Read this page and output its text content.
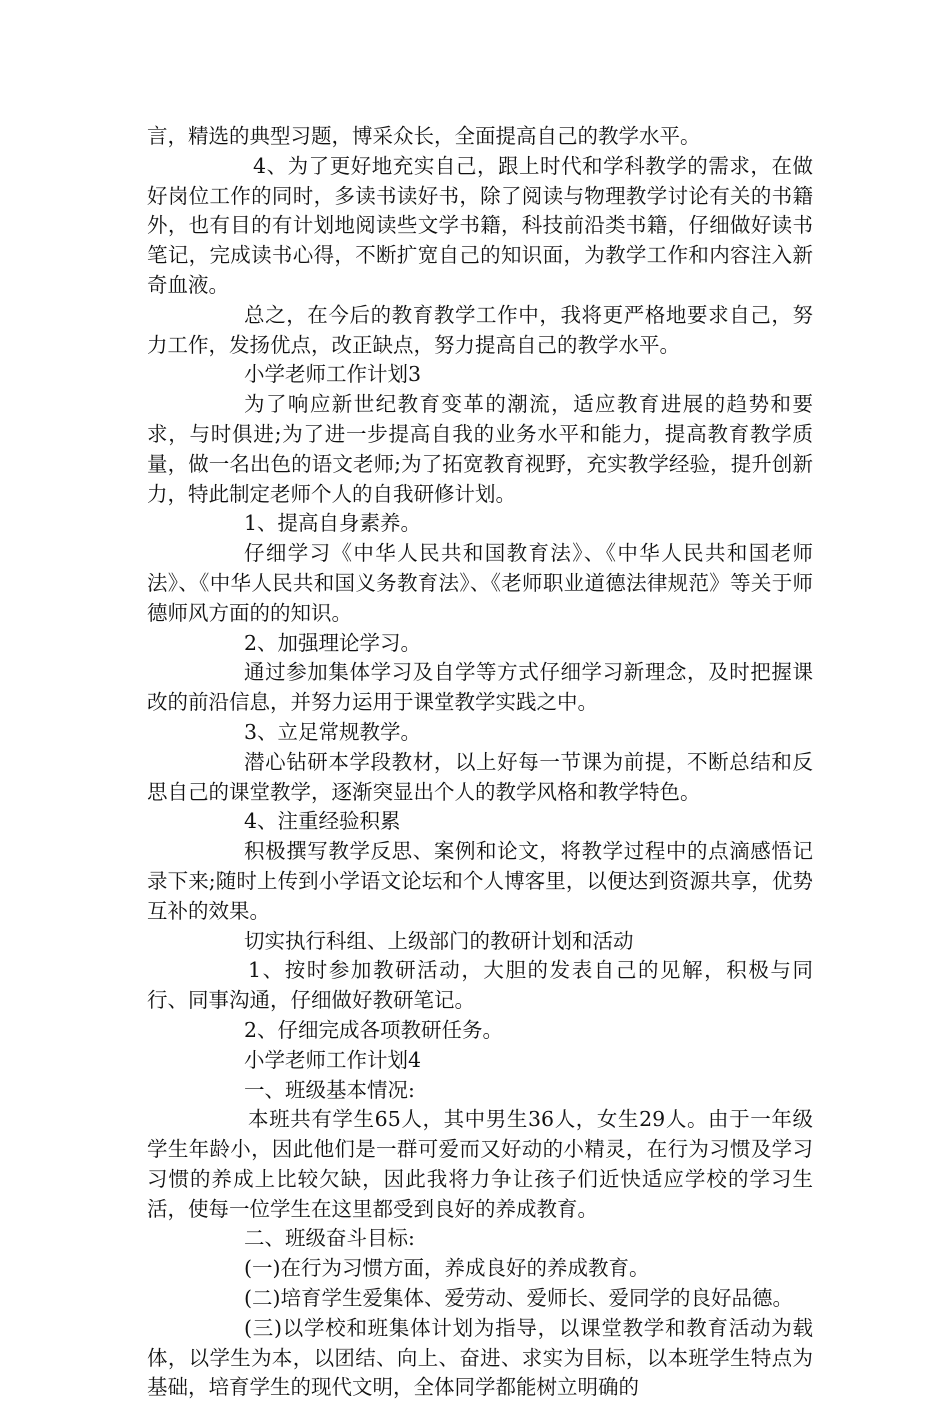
言，精选的典型习题，博采众长，全面提高自己的教学水平。

4、为了更好地充实自己，跟上时代和学科教学的需求，在做好岗位工作的同时，多读书读好书，除了阅读与物理教学讨论有关的书籍外，也有目的有计划地阅读些文学书籍，科技前沿类书籍，仔细做好读书笔记，完成读书心得，不断扩宽自己的知识面，为教学工作和内容注入新奇血液。

总之，在今后的教育教学工作中，我将更严格地要求自己，努力工作，发扬优点，改正缺点，努力提高自己的教学水平。

小学老师工作计划3

为了响应新世纪教育变革的潮流，适应教育进展的趋势和要求，与时俱进;为了进一步提高自我的业务水平和能力，提高教育教学质量，做一名出色的语文老师;为了拓宽教育视野，充实教学经验，提升创新力，特此制定老师个人的自我研修计划。

1、提高自身素养。

仔细学习《中华人民共和国教育法》、《中华人民共和国老师法》、《中华人民共和国义务教育法》、《老师职业道德法律规范》等关于师德师风方面的的知识。

2、加强理论学习。

通过参加集体学习及自学等方式仔细学习新理念，及时把握课改的前沿信息，并努力运用于课堂教学实践之中。

3、立足常规教学。

潜心钻研本学段教材，以上好每一节课为前提，不断总结和反思自己的课堂教学，逐渐突显出个人的教学风格和教学特色。

4、注重经验积累

积极撰写教学反思、案例和论文，将教学过程中的点滴感悟记录下来;随时上传到小学语文论坛和个人博客里，以便达到资源共享，优势互补的效果。

切实执行科组、上级部门的教研计划和活动

1、按时参加教研活动，大胆的发表自己的见解，积极与同行、同事沟通，仔细做好教研笔记。

2、仔细完成各项教研任务。

小学老师工作计划4

一、班级基本情况:

本班共有学生65人，其中男生36人，女生29人。由于一年级学生年龄小，因此他们是一群可爱而又好动的小精灵，在行为习惯及学习习惯的养成上比较欠缺，因此我将力争让孩子们近快适应学校的学习生活，使每一位学生在这里都受到良好的养成教育。

二、班级奋斗目标:

(一)在行为习惯方面，养成良好的养成教育。

(二)培育学生爱集体、爱劳动、爱师长、爱同学的良好品德。

(三)以学校和班集体计划为指导，以课堂教学和教育活动为载体，以学生为本，以团结、向上、奋进、求实为目标，以本班学生特点为基础，培育学生的现代文明，全体同学都能树立明确的
